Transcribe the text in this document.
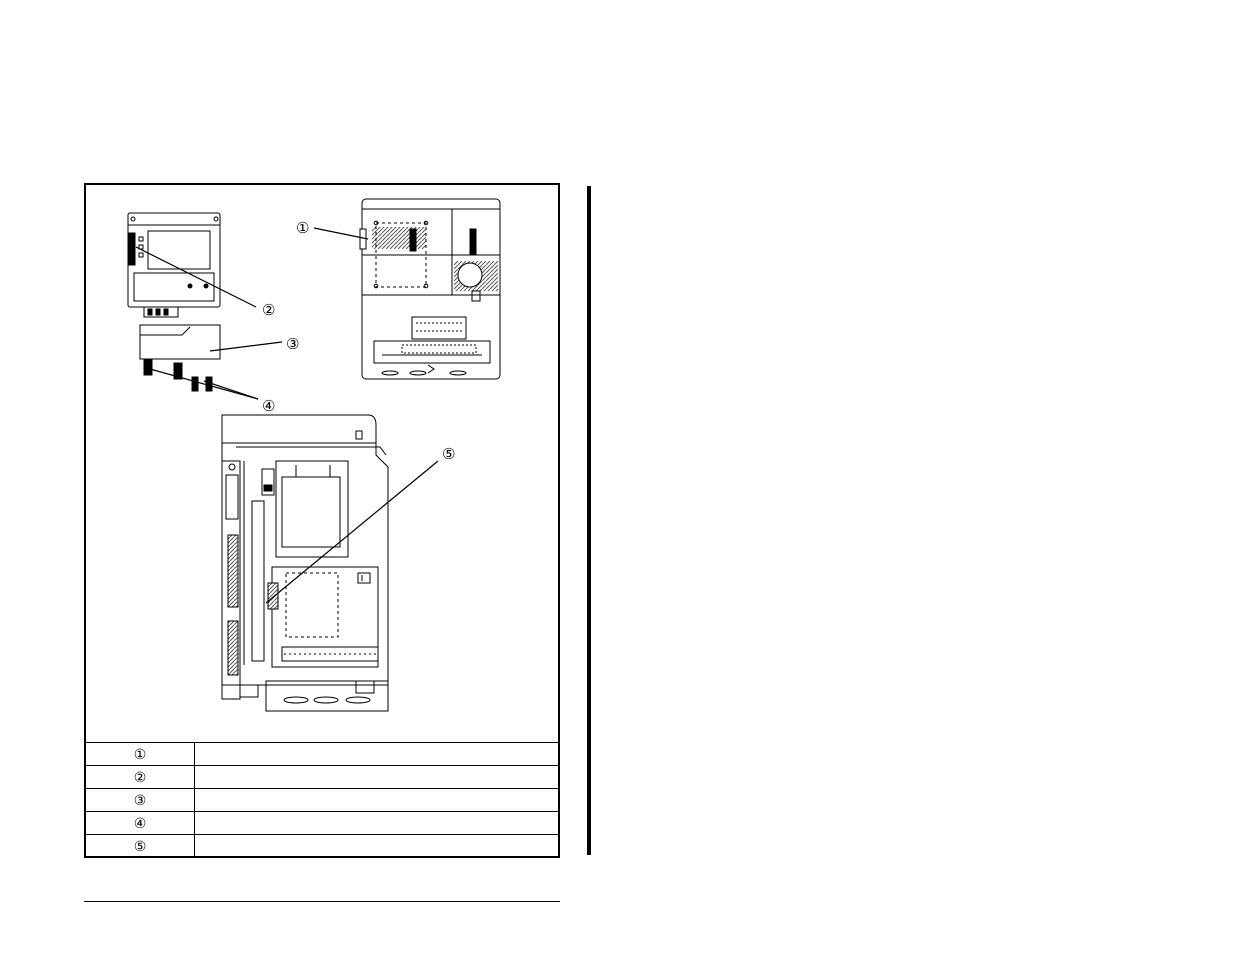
①
②
③
④
⑤
①	
②	
③	
④	
⑤	
